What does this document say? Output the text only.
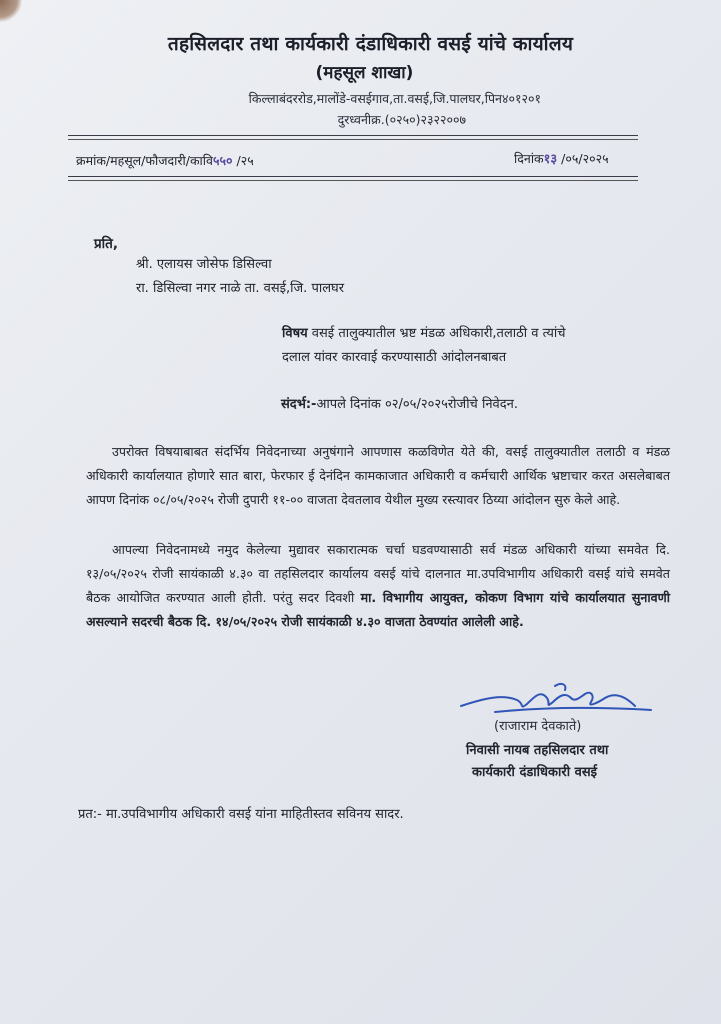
तहसिलदार तथा कार्यकारी दंडाधिकारी वसई यांचे कार्यालय
(महसूल शाखा)
किल्लाबंदररोड,मालोंडे-वसईगाव,ता.वसई,जि.पालघर,पिन४०१२०१
दुरध्वनीक्र.(०२५०)२३२२००७
क्रमांक/महसूल/फौजदारी/कावि५५० /२५	दिनांक१३ /०५/२०२५
प्रति,
श्री. एलायस जोसेफ डिसिल्वा
रा. डिसिल्वा नगर नाळे ता. वसई,जि. पालघर
विषय वसई तालुक्यातील भ्रष्ट मंडळ अधिकारी,तलाठी व त्यांचे
दलाल यांवर कारवाई करण्यासाठी आंदोलनबाबत
संदर्भ:-आपले दिनांक ०२/०५/२०२५रोजीचे निवेदन.
उपरोक्त विषयाबाबत संदर्भिय निवेदनाच्या अनुषंगाने आपणास कळविणेत येते की, वसई तालुक्यातील तलाठी व मंडळ अधिकारी कार्यालयात होणारे सात बारा, फेरफार ई देनंदिन कामकाजात अधिकारी व कर्मचारी आर्थिक भ्रष्टाचार करत असलेबाबत आपण दिनांक ०८/०५/२०२५ रोजी दुपारी ११-०० वाजता देवतलाव येथील मुख्य रस्त्यावर ठिय्या आंदोलन सुरु केले आहे.
आपल्या निवेदनामध्ये नमुद केलेल्या मुद्यावर सकारात्मक चर्चा घडवण्यासाठी सर्व मंडळ अधिकारी यांच्या समवेत दि. १३/०५/२०२५ रोजी सायंकाळी ४.३० वा तहसिलदार कार्यालय वसई यांचे दालनात मा.उपविभागीय अधिकारी वसई यांचे समवेत बैठक आयोजित करण्यात आली होती. परंतु सदर दिवशी मा. विभागीय आयुक्त, कोकण विभाग यांचे कार्यालयात सुनावणी असल्याने सदरची बैठक दि. १४/०५/२०२५ रोजी सायंकाळी ४.३० वाजता ठेवण्यांत आलेली आहे.
(राजाराम देवकाते)
निवासी नायब तहसिलदार तथा
कार्यकारी दंडाधिकारी वसई
प्रत:- मा.उपविभागीय अधिकारी वसई यांना माहितीस्तव सविनय सादर.
